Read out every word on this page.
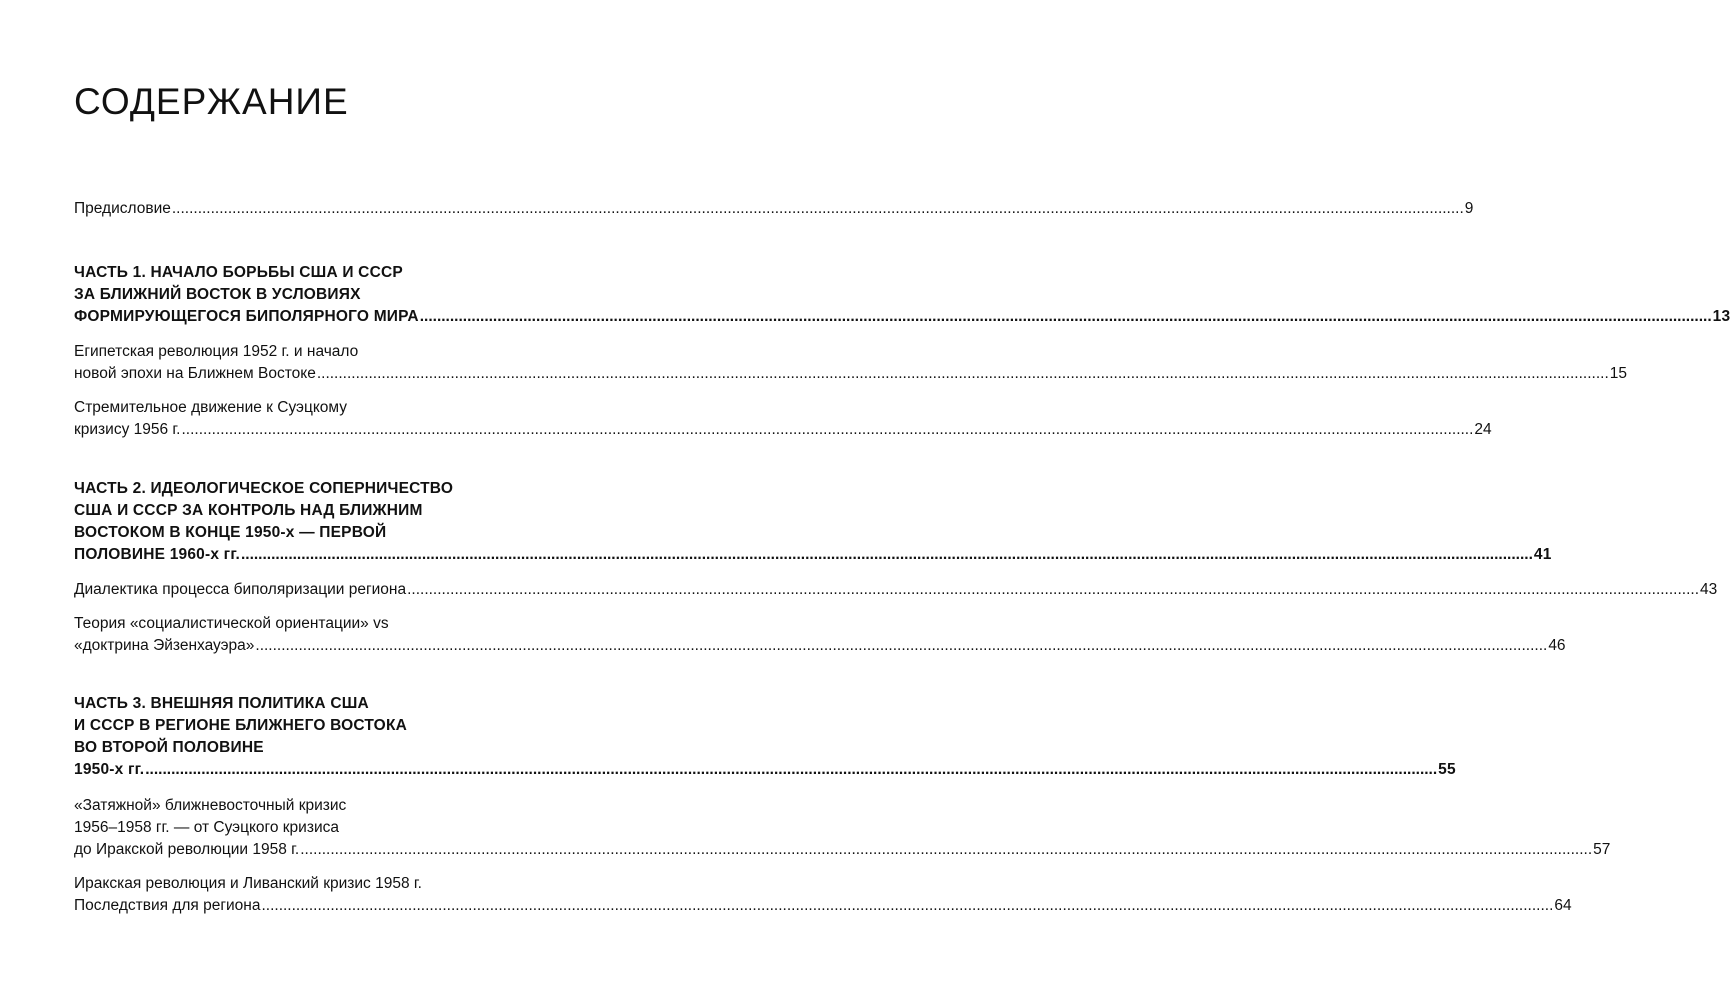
СОДЕРЖАНИЕ
Предисловие ............................................................................................................................................................................................................................................................................................................ 9
ЧАСТЬ 1. НАЧАЛО БОРЬБЫ США И СССР
ЗА БЛИЖНИЙ ВОСТОК В УСЛОВИЯХ
ФОРМИРУЮЩЕГОСЯ БИПОЛЯРНОГО МИРА ............................................................................................................................................................................................................................................................................................................ 13
Египетская революция 1952 г. и начало
новой эпохи на Ближнем Востоке ............................................................................................................................................................................................................................................................................................................ 15
Стремительное движение к Суэцкому
кризису 1956 г. ............................................................................................................................................................................................................................................................................................................ 24
ЧАСТЬ 2. ИДЕОЛОГИЧЕСКОЕ СОПЕРНИЧЕСТВО
США И СССР ЗА КОНТРОЛЬ НАД БЛИЖНИМ
ВОСТОКОМ В КОНЦЕ 1950-х — ПЕРВОЙ
ПОЛОВИНЕ 1960-х гг. ............................................................................................................................................................................................................................................................................................................ 41
Диалектика процесса биполяризации региона ............................................................................................................................................................................................................................................................................................................ 43
Теория «социалистической ориентации» vs
«доктрина Эйзенхауэра» ............................................................................................................................................................................................................................................................................................................ 46
ЧАСТЬ 3. ВНЕШНЯЯ ПОЛИТИКА США
И СССР В РЕГИОНЕ БЛИЖНЕГО ВОСТОКА
ВО ВТОРОЙ ПОЛОВИНЕ
1950-х гг. ............................................................................................................................................................................................................................................................................................................ 55
«Затяжной» ближневосточный кризис
1956–1958 гг. — от Суэцкого кризиса
до Иракской революции 1958 г. ............................................................................................................................................................................................................................................................................................................ 57
Иракская революция и Ливанский кризис 1958 г.
Последствия для региона ............................................................................................................................................................................................................................................................................................................ 64
